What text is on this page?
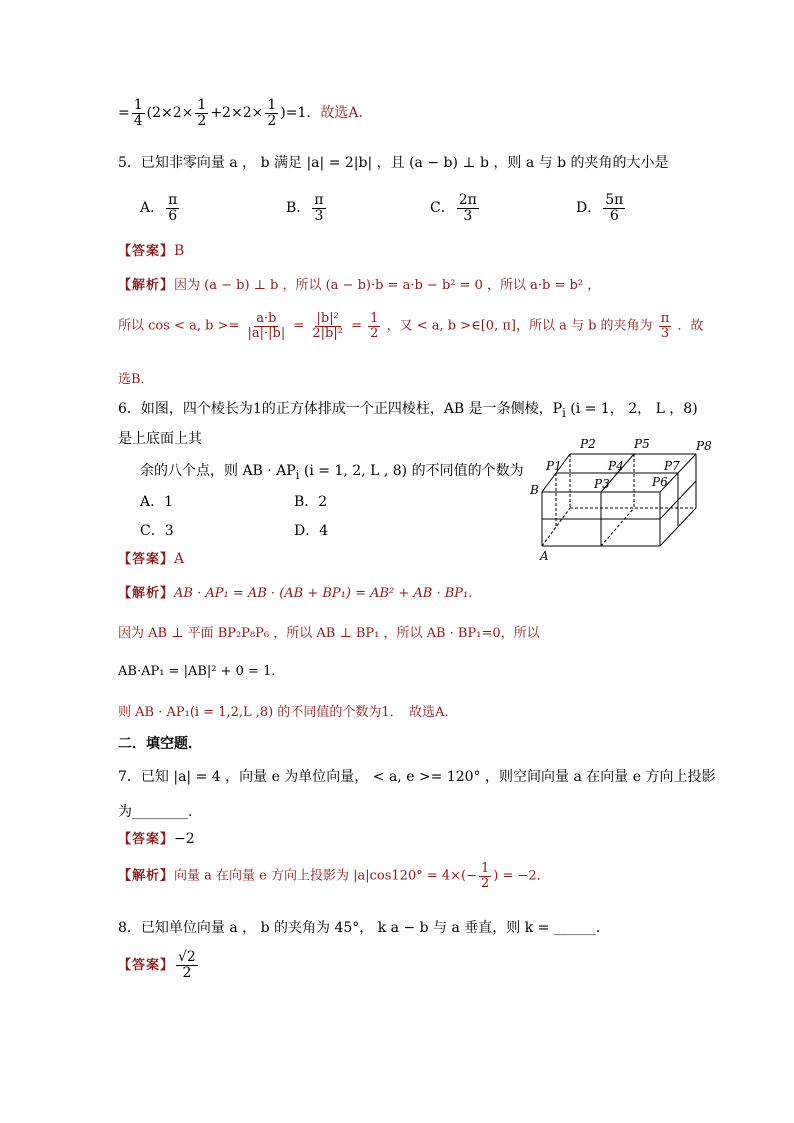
= $\frac{1}{4} (2\times 2\times \frac{1}{2} +2\times 2\times \frac{1}{2} )=1$．故选A．
5．已知非零向量 a ， b 满足 |a| = 2|b| ，且 (a − b) ⊥ b ，则 a 与 b 的夹角的大小是
A． $\frac{\pi}{6}$	B． $\frac{\pi}{3}$	C． $\frac{2\pi}{3}$	D． $\frac{5\pi}{6}$
【答案】B
【解析】因为 (a − b) ⊥ b ，所以 (a − b)·b = a·b − b² = 0 ，所以 a·b = b² ，
所以 cos < a, $b >= \frac{a\cdot b}{|a|\cdot|b|} = \frac{\text{|b|²}}{\text{2|b|²}} = \frac{1}{2}$ ，又 < a, b >∈[0, π]，所以 a 与 b 的夹角为 $\frac{\pi}{3}$ ．故
选B．
6．如图，四个棱长为1的正方体排成一个正四棱柱，AB 是一条侧棱，$P_i$ (i = 1， 2， L ，8)
是上底面上其
余的八个点，则 AB · $AP_i$ (i = 1, 2, L , 8) 的不同值的个数为
A．1	B．2
C．3	D．4
P2	P5	P8
P1	P4	P7
P3	P6
B
A
【答案】A
【解析】AB · AP₁ = AB · (AB + BP₁) = AB² + AB · BP₁．
因为 AB ⊥ 平面 BP₂P₈P₆ ，所以 AB ⊥ BP₁ ，所以 AB · BP₁=0，所以
AB·AP₁ = |AB|² + 0 = 1．
则 AB · AP₁(i = 1,2,L ,8) 的不同值的个数为1．　故选A．
二．填空题．
7．已知 |a| = 4 ，向量 e 为单位向量， < a, e >= 120° ，则空间向量 a 在向量 e 方向上投影
为________．
【答案】−2
【解析】向量 a 在向量 e 方向上投影为 $|a|\cos 120^\circ = 4\times(- \frac{1}{2}$ ) = −2．
8．已知单位向量 a ， b 的夹角为 45°， k a − b 与 a 垂直，则 k = ______．
【答案】 $\frac{√2}{2}$
